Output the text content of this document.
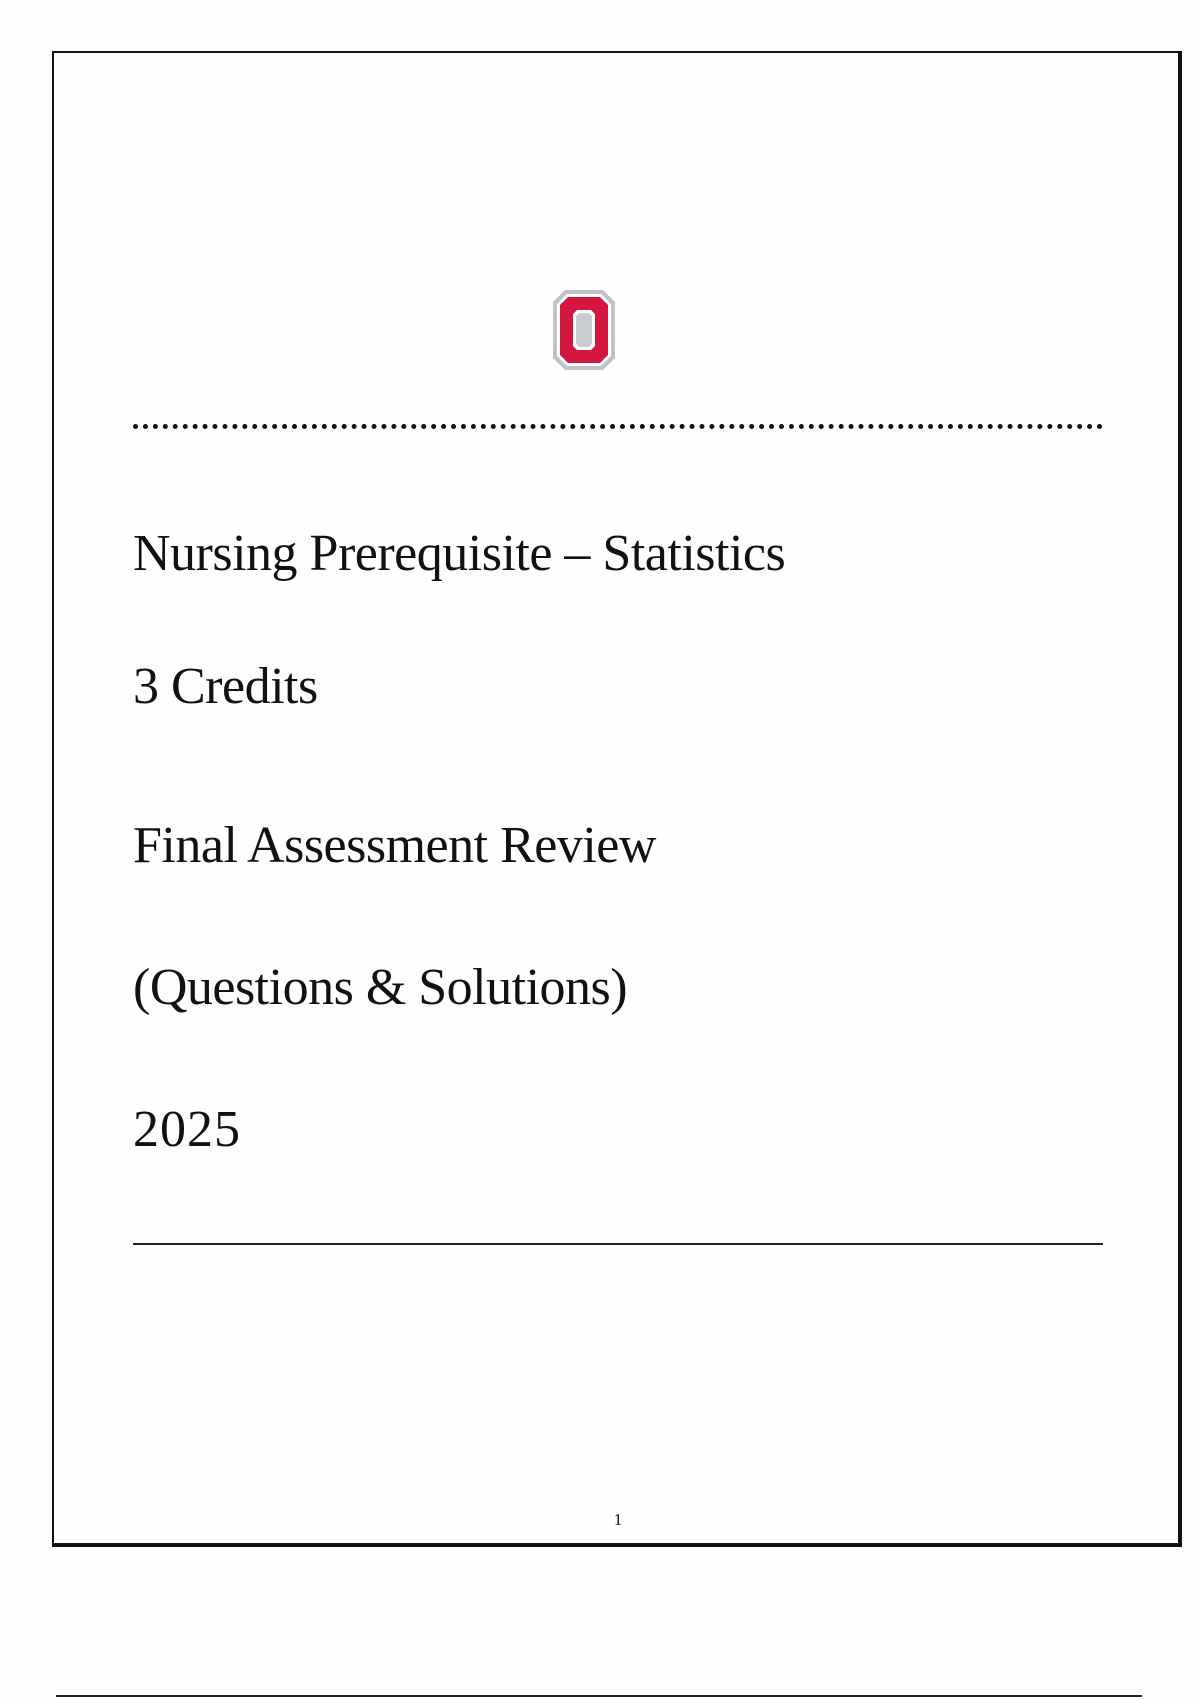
Nursing Prerequisite – Statistics
3 Credits
Final Assessment Review
(Questions & Solutions)
2025
1
